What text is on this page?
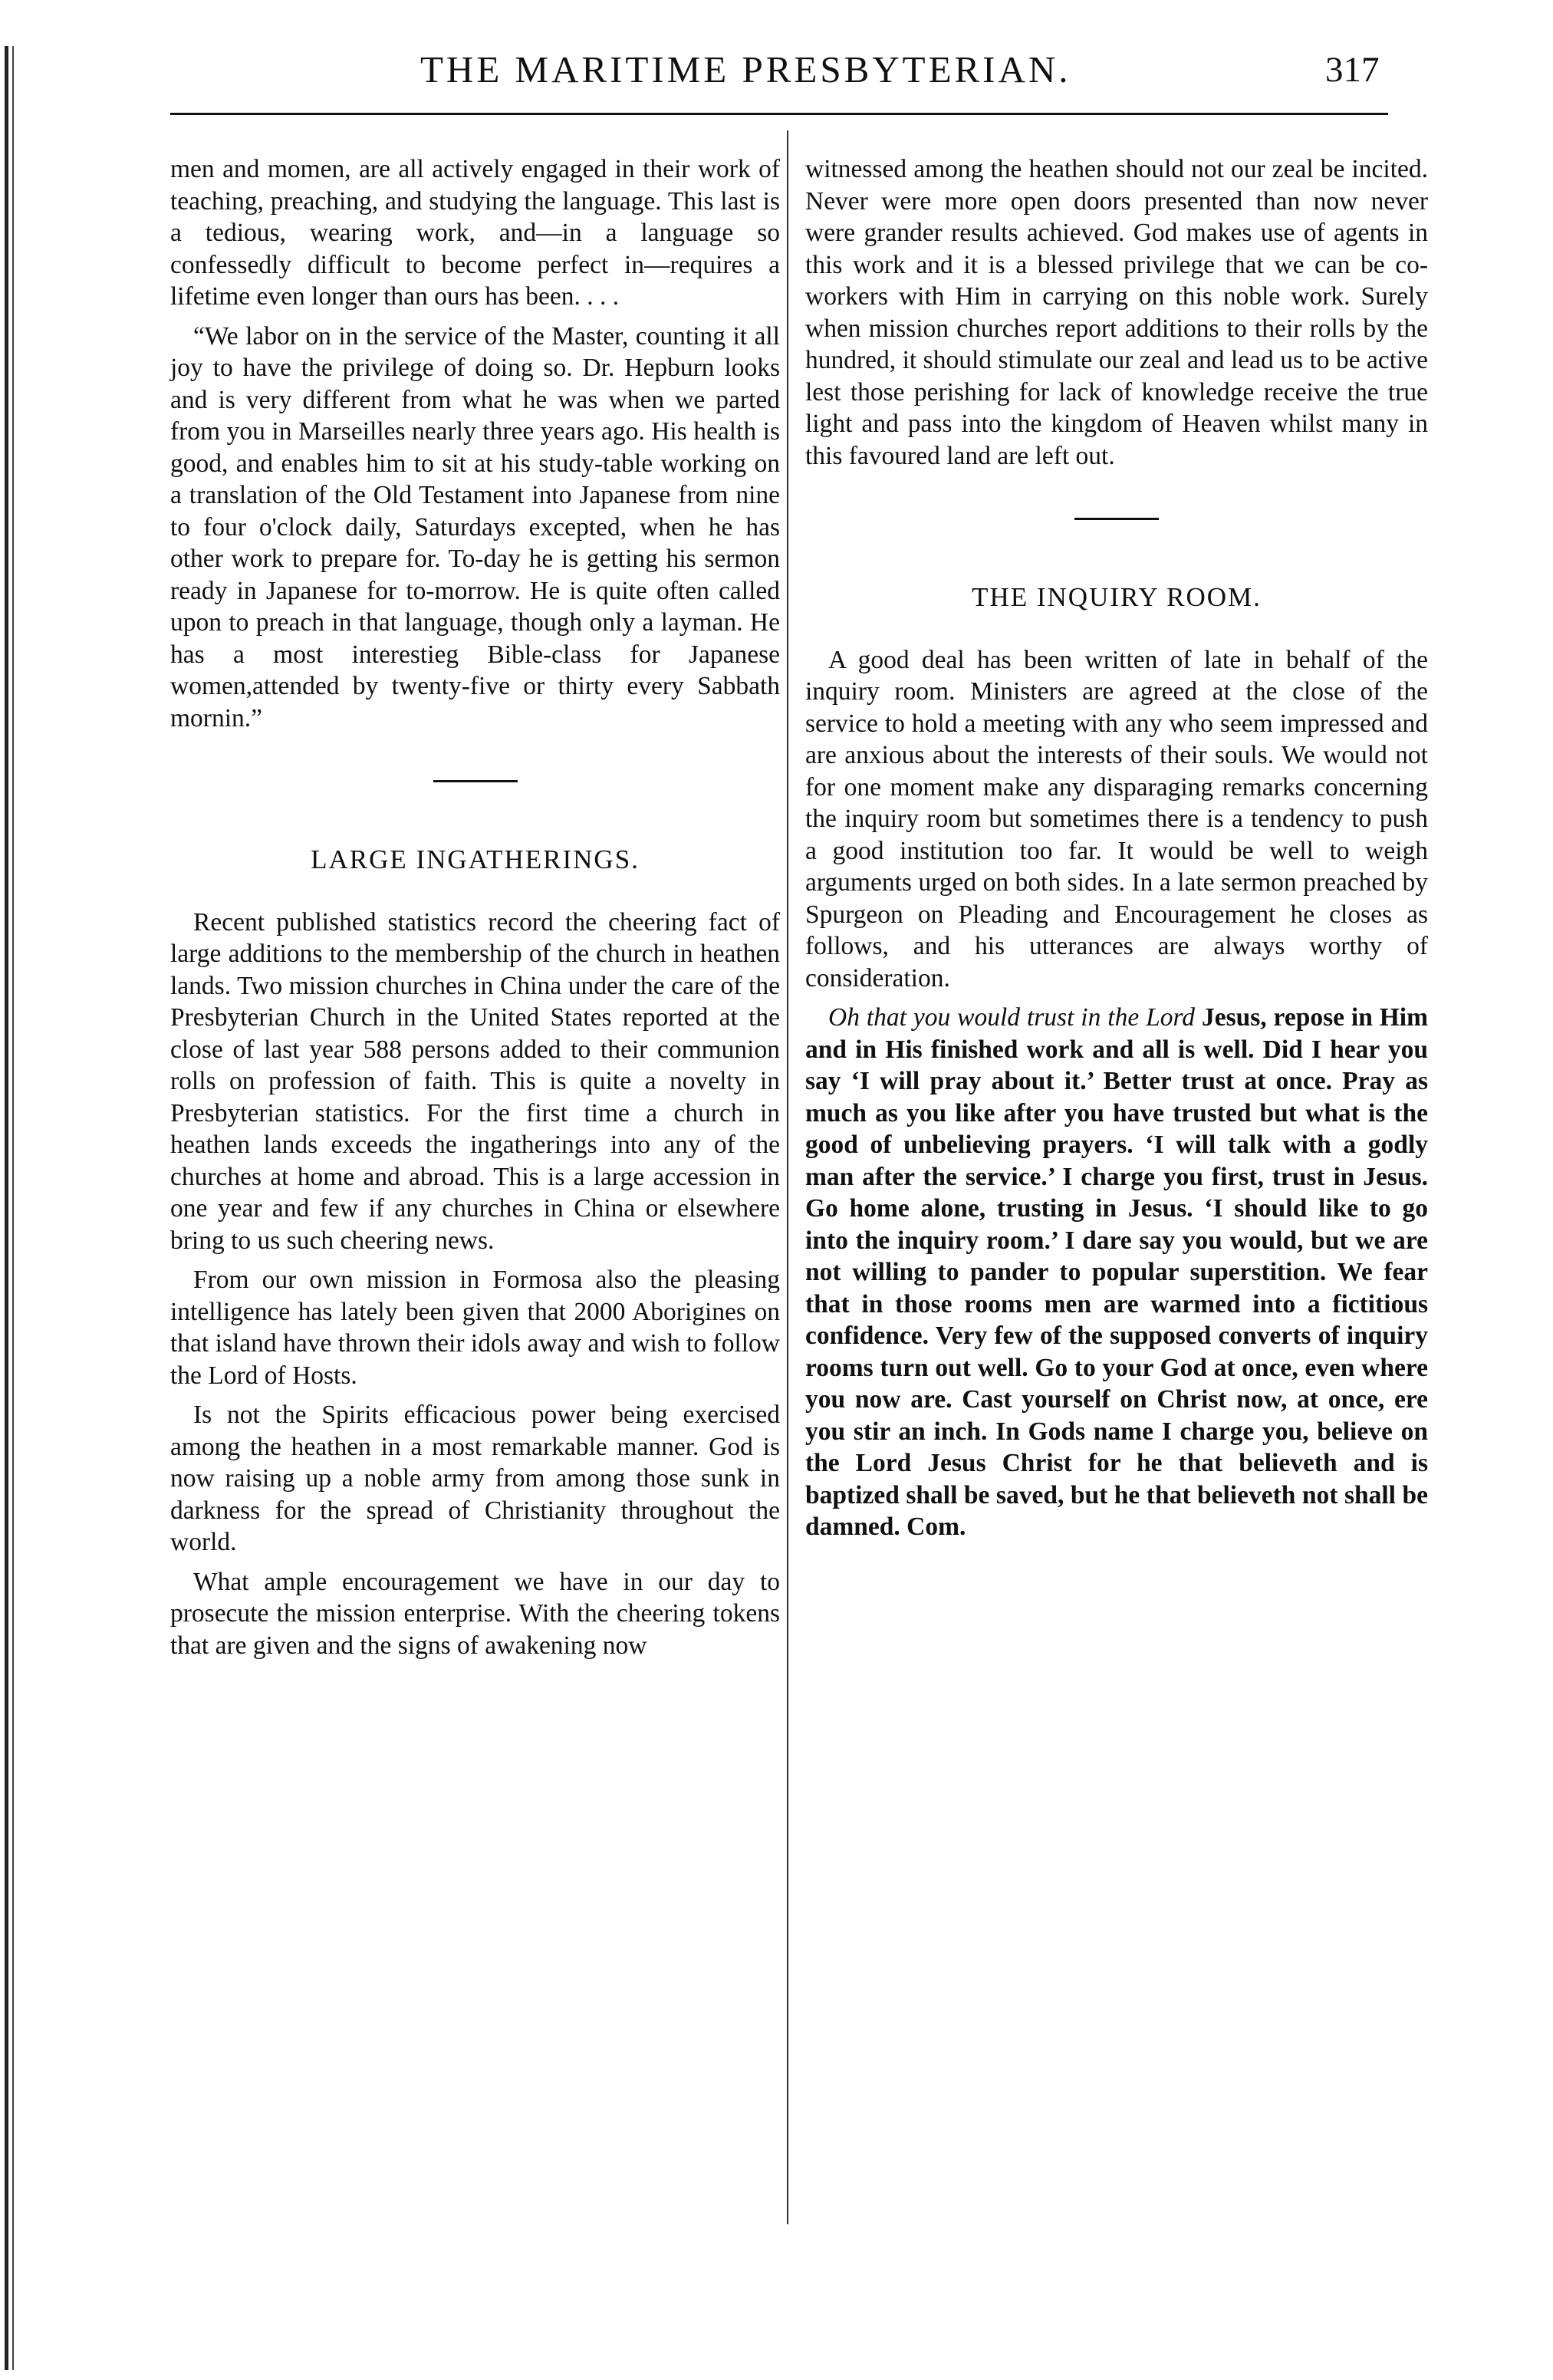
THE MARITIME PRESBYTERIAN.	317

men and momen, are all actively engaged in their work of teaching, preaching, and studying the language. This last is a tedious, wearing work, and—in a language so confessedly difficult to become perfect in—requires a lifetime even longer than ours has been. . . .

“We labor on in the service of the Master, counting it all joy to have the privilege of doing so. Dr. Hepburn looks and is very different from what he was when we parted from you in Marseilles nearly three years ago. His health is good, and enables him to sit at his study-table working on a translation of the Old Testament into Japanese from nine to four o'clock daily, Saturdays excepted, when he has other work to prepare for. To-day he is getting his sermon ready in Japanese for to-morrow. He is quite often called upon to preach in that language, though only a layman. He has a most interestieg Bible-class for Japanese women,attended by twenty-five or thirty every Sabbath mornin.”

LARGE INGATHERINGS.

Recent published statistics record the cheering fact of large additions to the membership of the church in heathen lands. Two mission churches in China under the care of the Presbyterian Church in the United States reported at the close of last year 588 persons added to their communion rolls on profession of faith. This is quite a novelty in Presbyterian statistics. For the first time a church in heathen lands exceeds the ingatherings into any of the churches at home and abroad. This is a large accession in one year and few if any churches in China or elsewhere bring to us such cheering news.

From our own mission in Formosa also the pleasing intelligence has lately been given that 2000 Aborigines on that island have thrown their idols away and wish to follow the Lord of Hosts.

Is not the Spirits efficacious power being exercised among the heathen in a most remarkable manner. God is now raising up a noble army from among those sunk in darkness for the spread of Christianity throughout the world.

What ample encouragement we have in our day to prosecute the mission enterprise. With the cheering tokens that are given and the signs of awakening now

witnessed among the heathen should not our zeal be incited. Never were more open doors presented than now never were grander results achieved. God makes use of agents in this work and it is a blessed privilege that we can be co-workers with Him in carrying on this noble work. Surely when mission churches report additions to their rolls by the hundred, it should stimulate our zeal and lead us to be active lest those perishing for lack of knowledge receive the true light and pass into the kingdom of Heaven whilst many in this favoured land are left out.

THE INQUIRY ROOM.

A good deal has been written of late in behalf of the inquiry room. Ministers are agreed at the close of the service to hold a meeting with any who seem impressed and are anxious about the interests of their souls. We would not for one moment make any disparaging remarks concerning the inquiry room but sometimes there is a tendency to push a good institution too far. It would be well to weigh arguments urged on both sides. In a late sermon preached by Spurgeon on Pleading and Encouragement he closes as follows, and his utterances are always worthy of consideration.

Oh that you would trust in the Lord Jesus, repose in Him and in His finished work and all is well. Did I hear you say ‘I will pray about it.’ Better trust at once. Pray as much as you like after you have trusted but what is the good of unbelieving prayers. ‘I will talk with a godly man after the service.’ I charge you first, trust in Jesus. Go home alone, trusting in Jesus. ‘I should like to go into the inquiry room.’ I dare say you would, but we are not willing to pander to popular superstition. We fear that in those rooms men are warmed into a fictitious confidence. Very few of the supposed converts of inquiry rooms turn out well. Go to your God at once, even where you now are. Cast yourself on Christ now, at once, ere you stir an inch. In Gods name I charge you, believe on the Lord Jesus Christ for he that believeth and is baptized shall be saved, but he that believeth not shall be damned. Com.
